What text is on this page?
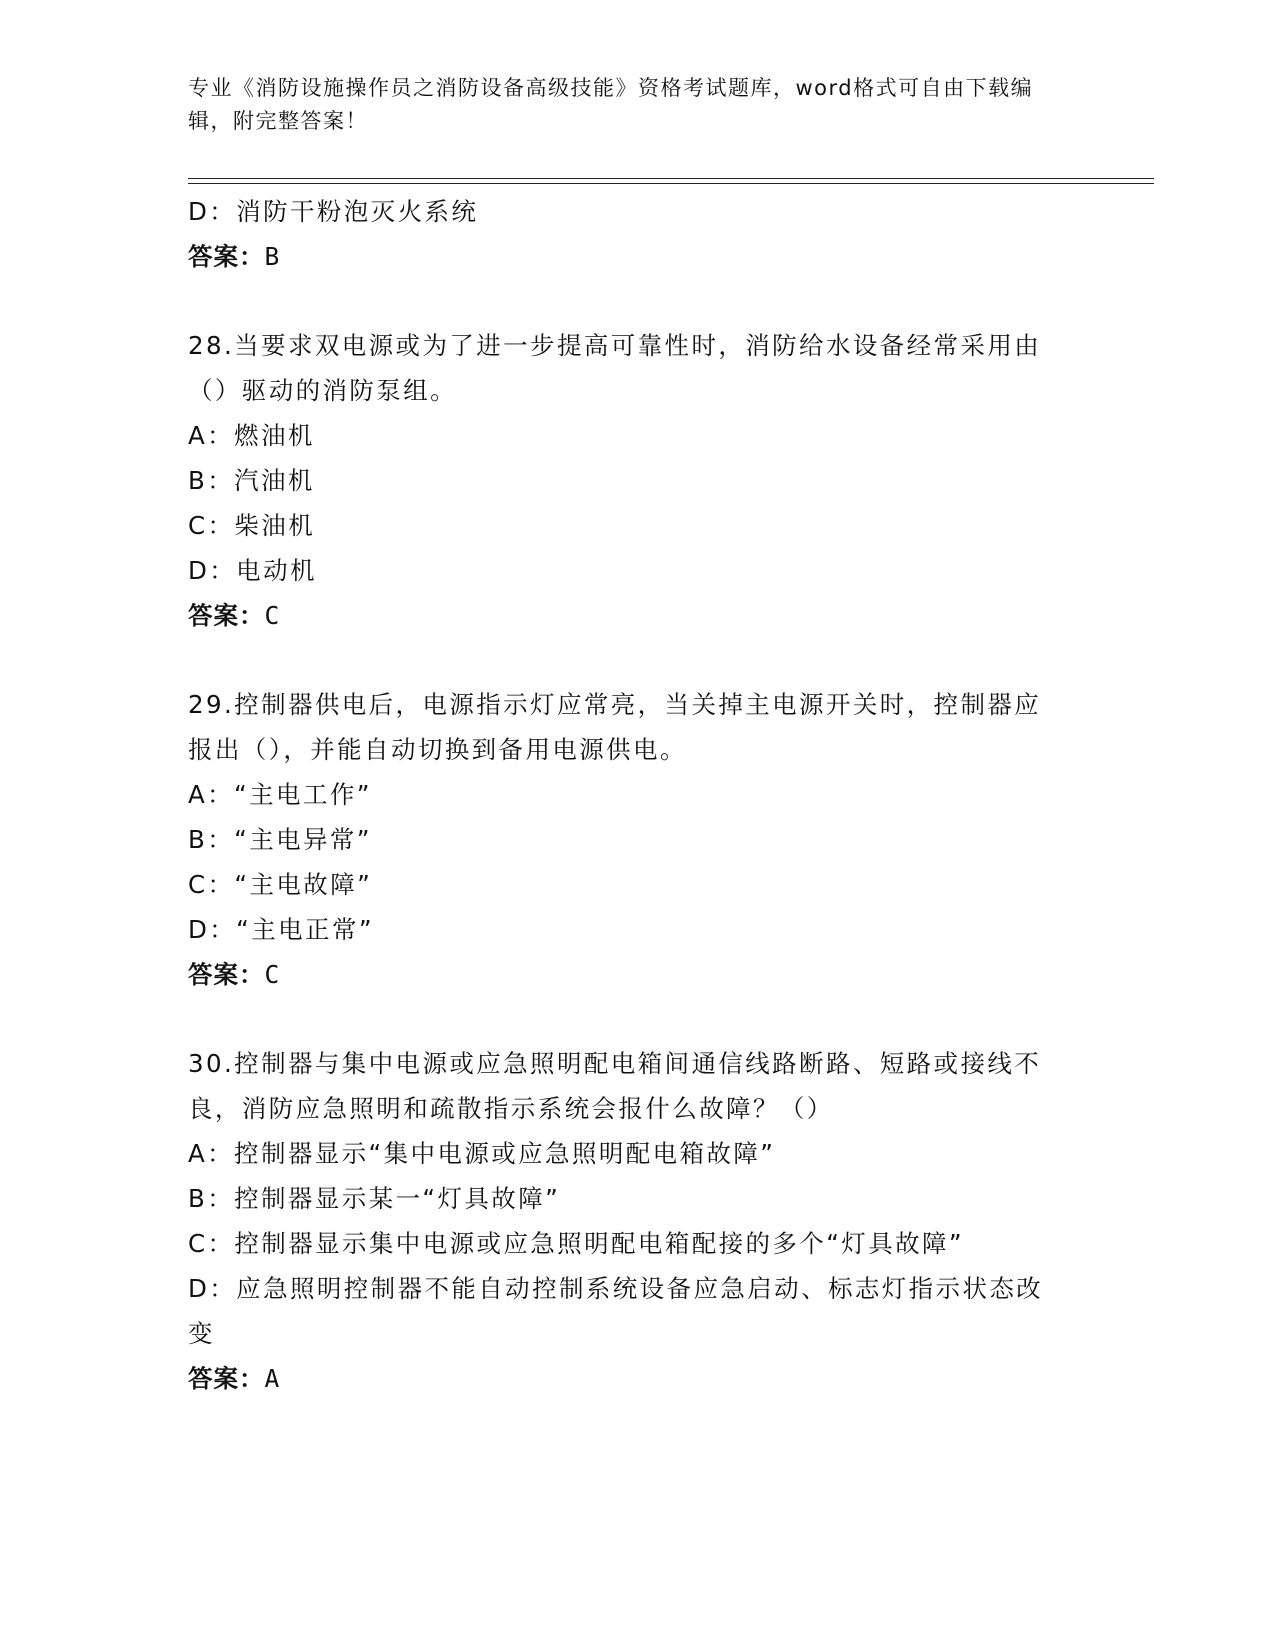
专业《消防设施操作员之消防设备高级技能》资格考试题库，word格式可自由下载编辑，附完整答案！
D：消防干粉泡灭火系统
答案：B
28.当要求双电源或为了进一步提高可靠性时，消防给水设备经常采用由（）驱动的消防泵组。
A：燃油机
B：汽油机
C：柴油机
D：电动机
答案：C
29.控制器供电后，电源指示灯应常亮，当关掉主电源开关时，控制器应报出（），并能自动切换到备用电源供电。
A：“主电工作”
B：“主电异常”
C：“主电故障”
D：“主电正常”
答案：C
30.控制器与集中电源或应急照明配电箱间通信线路断路、短路或接线不良，消防应急照明和疏散指示系统会报什么故障？（）
A：控制器显示“集中电源或应急照明配电箱故障”
B：控制器显示某一“灯具故障”
C：控制器显示集中电源或应急照明配电箱配接的多个“灯具故障”
D：应急照明控制器不能自动控制系统设备应急启动、标志灯指示状态改变
答案：A
